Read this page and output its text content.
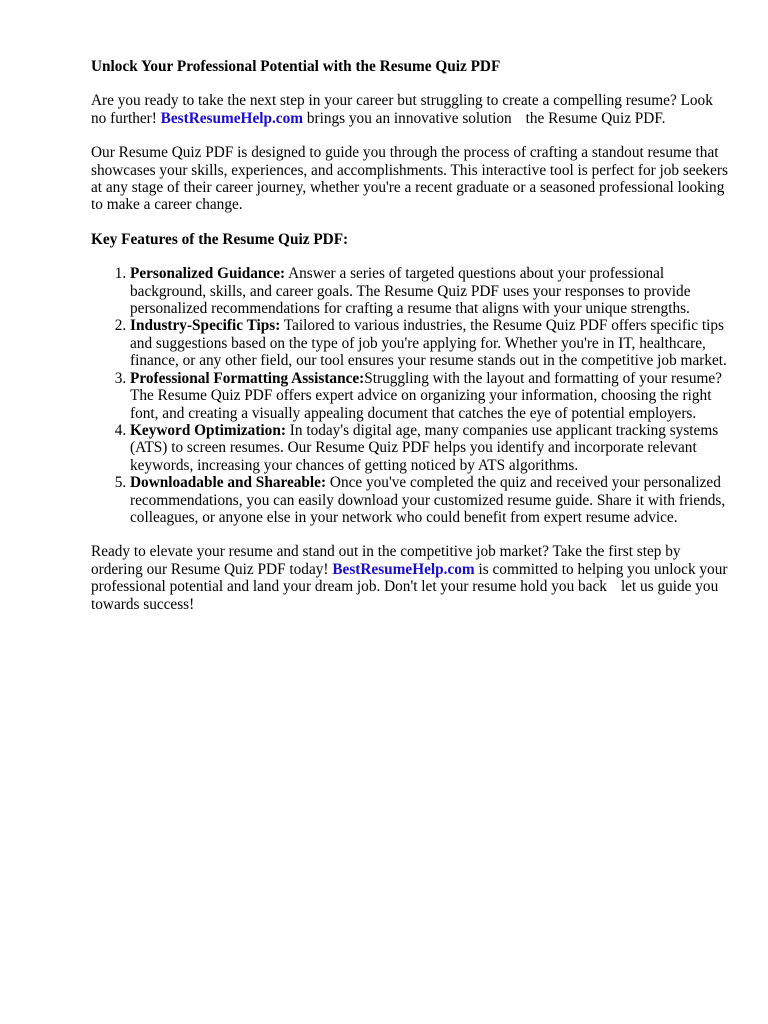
Unlock Your Professional Potential with the Resume Quiz PDF

Are you ready to take the next step in your career but struggling to create a compelling resume? Look no further! BestResumeHelp.com brings you an innovative solution the Resume Quiz PDF.

Our Resume Quiz PDF is designed to guide you through the process of crafting a standout resume that showcases your skills, experiences, and accomplishments. This interactive tool is perfect for job seekers at any stage of their career journey, whether you're a recent graduate or a seasoned professional looking to make a career change.

Key Features of the Resume Quiz PDF:
1. Personalized Guidance: Answer a series of targeted questions about your professional background, skills, and career goals. The Resume Quiz PDF uses your responses to provide personalized recommendations for crafting a resume that aligns with your unique strengths.
2. Industry-Specific Tips: Tailored to various industries, the Resume Quiz PDF offers specific tips and suggestions based on the type of job you're applying for. Whether you're in IT, healthcare, finance, or any other field, our tool ensures your resume stands out in the competitive job market.
3. Professional Formatting Assistance:Struggling with the layout and formatting of your resume? The Resume Quiz PDF offers expert advice on organizing your information, choosing the right font, and creating a visually appealing document that catches the eye of potential employers.
4. Keyword Optimization: In today's digital age, many companies use applicant tracking systems (ATS) to screen resumes. Our Resume Quiz PDF helps you identify and incorporate relevant keywords, increasing your chances of getting noticed by ATS algorithms.
5. Downloadable and Shareable: Once you've completed the quiz and received your personalized recommendations, you can easily download your customized resume guide. Share it with friends, colleagues, or anyone else in your network who could benefit from expert resume advice.

Ready to elevate your resume and stand out in the competitive job market? Take the first step by ordering our Resume Quiz PDF today! BestResumeHelp.com is committed to helping you unlock your professional potential and land your dream job. Don't let your resume hold you back let us guide you towards success!
